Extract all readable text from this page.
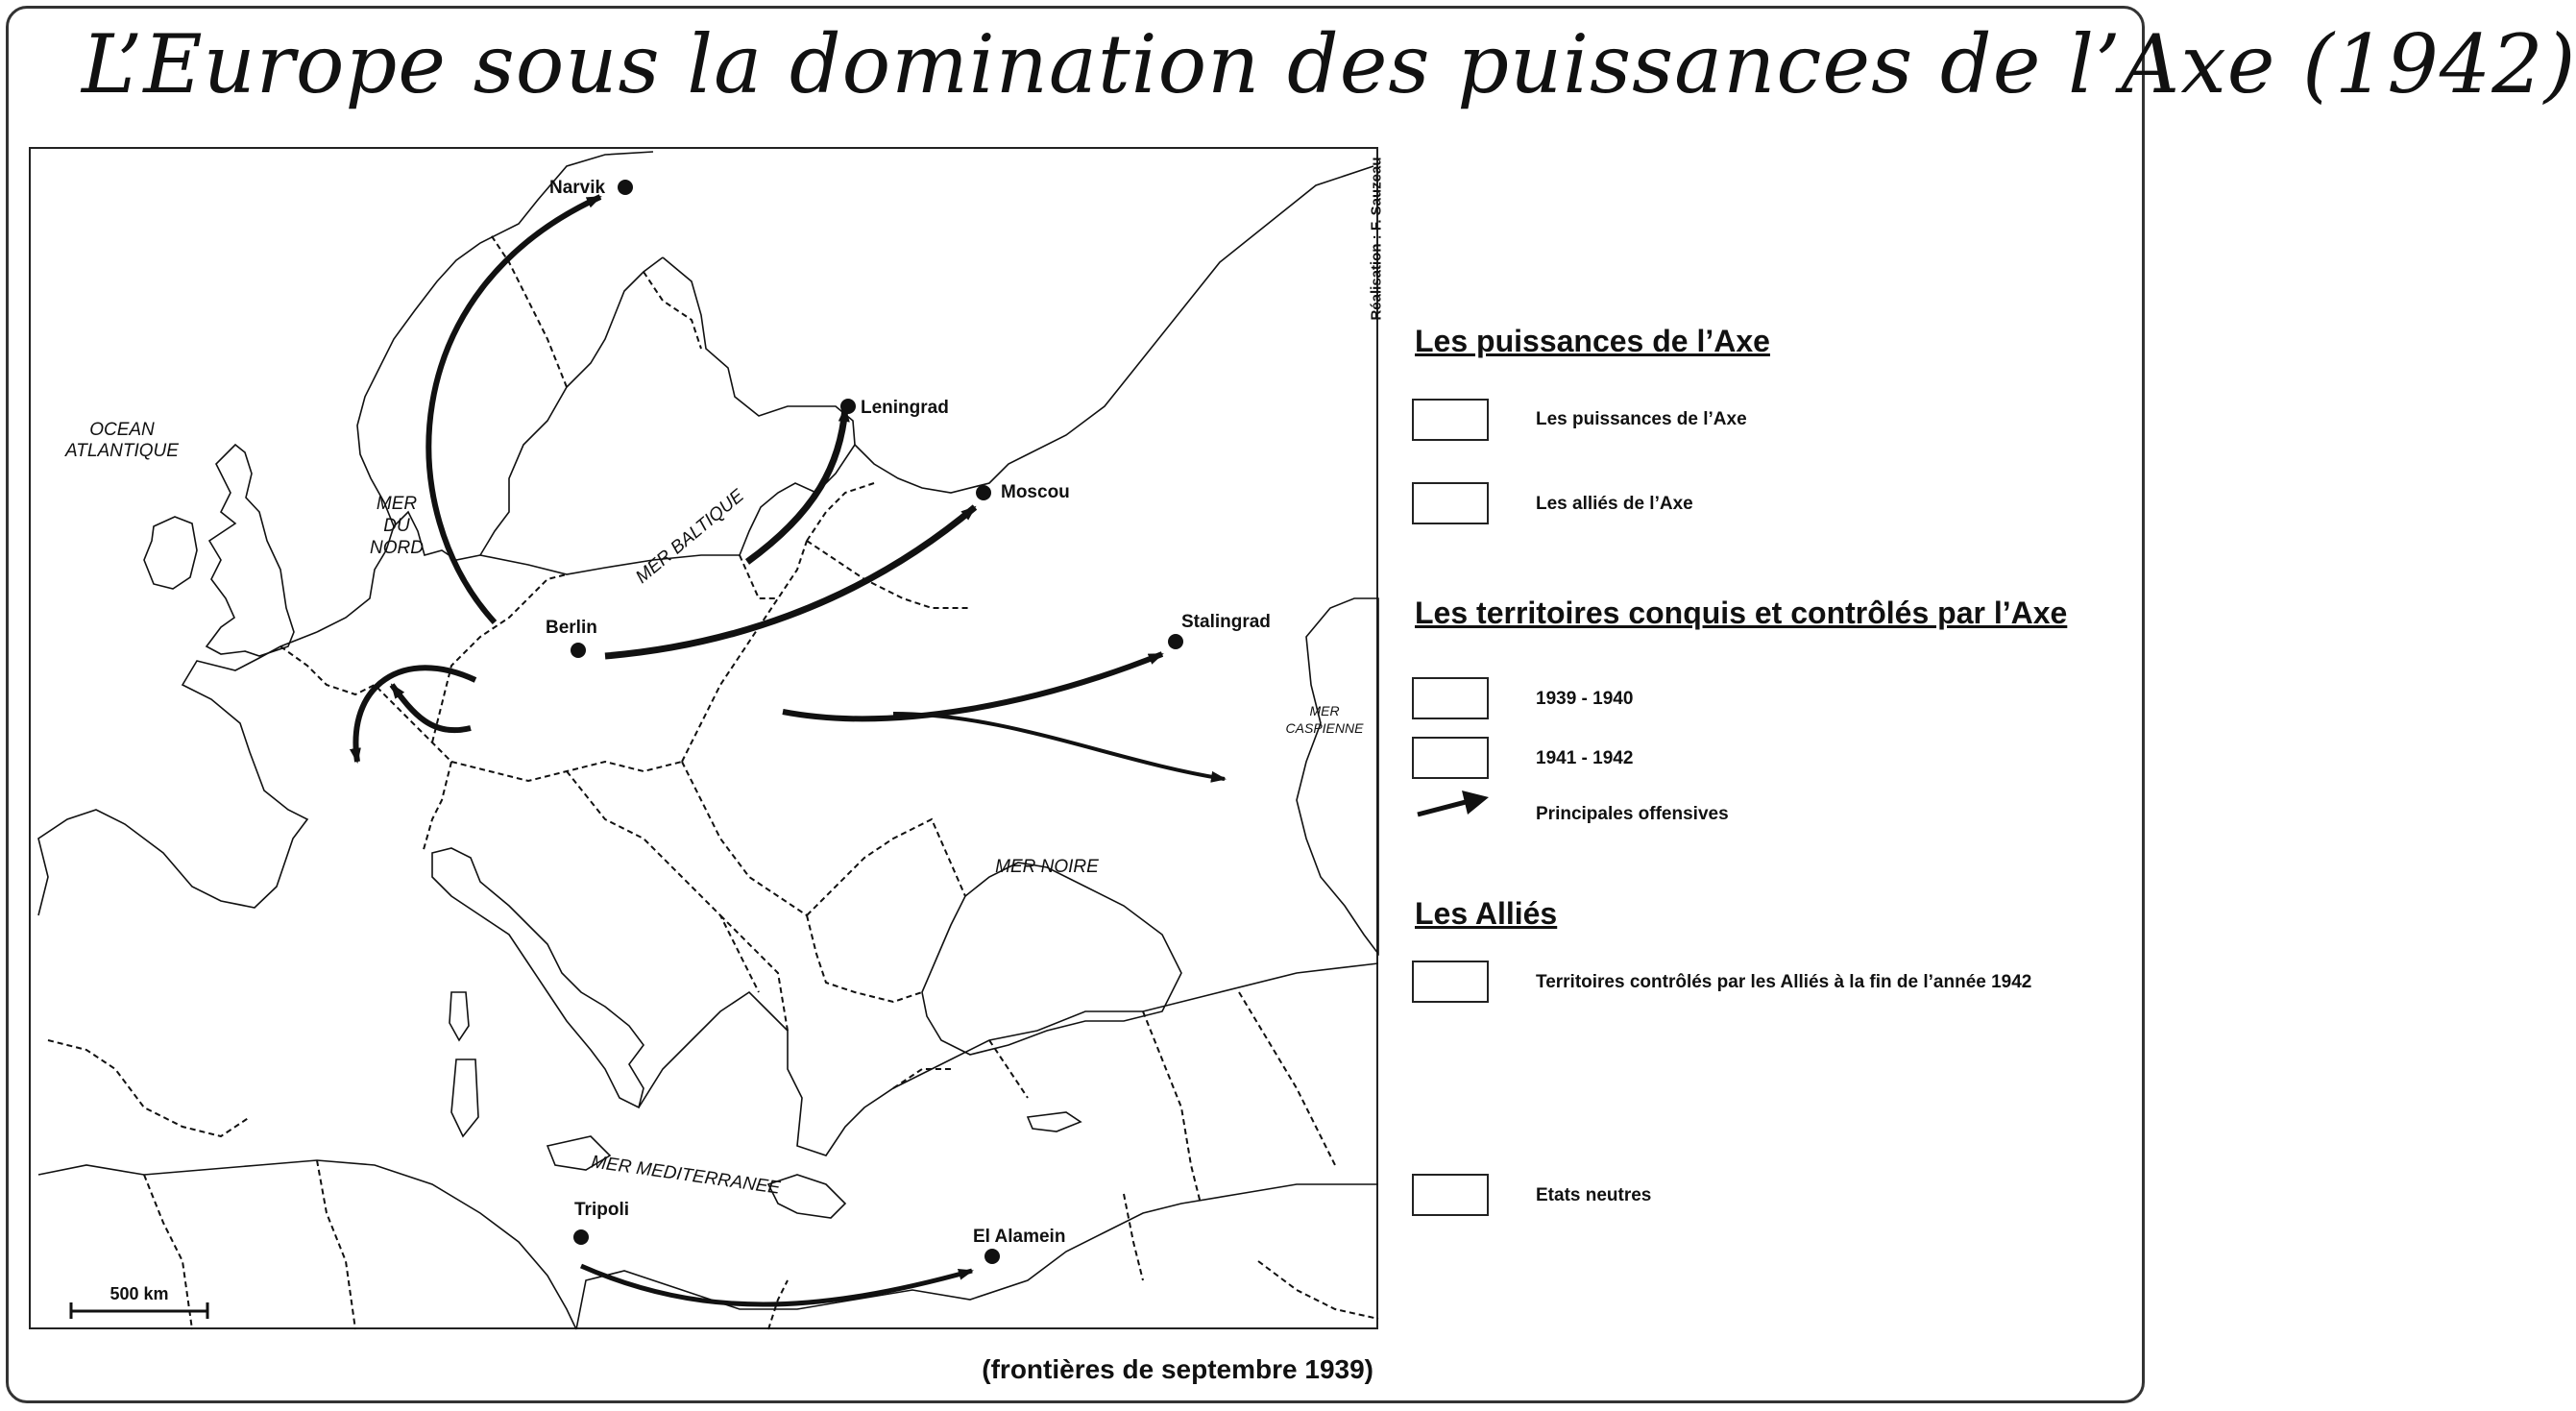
L’Europe sous la domination des puissances de l’Axe (1942)
Narvik
Leningrad
Moscou
Berlin	Stalingrad
Tripoli
El Alamein
OCEAN
ATLANTIQUE
MER
DU
NORD	MER BALTIQUE
MER NOIRE
MER MEDITERRANEE
MER
CASPIENNE
500 km
Réalisation : F. Sauzeau
Les puissances de l’Axe
Les puissances de l’Axe
Les alliés de l’Axe
Les territoires conquis et contrôlés par l’Axe
1939 - 1940
1941 - 1942
Principales offensives
Les Alliés
Territoires contrôlés par les Alliés à la fin de l’année 1942
Etats neutres
(frontières de septembre 1939)
